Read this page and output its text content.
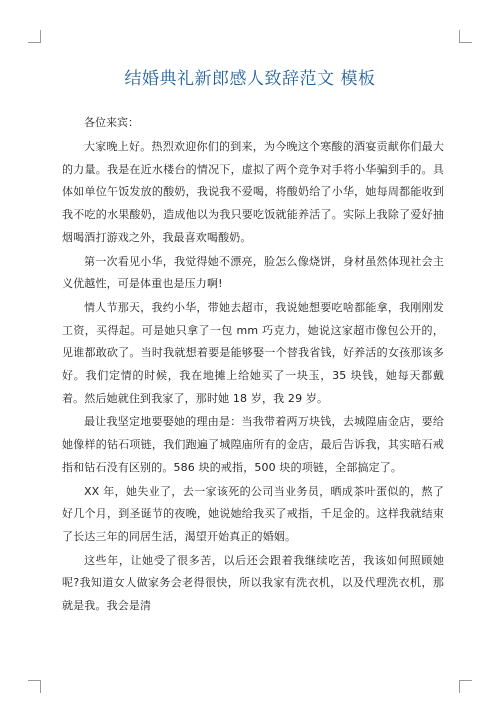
结婚典礼新郎感人致辞范文 模板

各位来宾：

大家晚上好。热烈欢迎你们的到来，为今晚这个寒酸的酒宴贡献你们最大的力量。我是在近水楼台的情况下，虚拟了两个竞争对手将小华骗到手的。具体如单位午饭发放的酸奶，我说我不爱喝，将酸奶给了小华，她每周都能收到我不吃的水果酸奶，造成他以为我只要吃饭就能养活了。实际上我除了爱好抽烟喝酒打游戏之外，我最喜欢喝酸奶。

第一次看见小华，我觉得她不漂亮，脸怎么像烧饼，身材虽然体现社会主义优越性，可是体重也是压力啊!

情人节那天，我约小华，带她去超市，我说她想要吃啥都能拿，我刚刚发工资，买得起。可是她只拿了一包 mm 巧克力，她说这家超市像包公开的，见谁都敢砍了。当时我就想着要是能够娶一个替我省钱，好养活的女孩那该多好。我们定情的时候，我在地摊上给她买了一块玉，35 块钱，她每天都戴着。然后她就住到我家了，那时她 18 岁，我 29 岁。

最让我坚定地要娶她的理由是：当我带着两万块钱，去城隍庙金店，要给她像样的钻石项链，我们跑遍了城隍庙所有的金店，最后告诉我，其实暗石戒指和钻石没有区别的。586 块的戒指，500 块的项链，全部搞定了。

XX 年，她失业了，去一家该死的公司当业务员，晒成茶叶蛋似的，熬了好几个月，到圣诞节的夜晚，她说她给我买了戒指，千足金的。这样我就结束了长达三年的同居生活，渴望开始真正的婚姻。

这些年，让她受了很多苦，以后还会跟着我继续吃苦，我该如何照顾她呢?我知道女人做家务会老得很快，所以我家有洗衣机，以及代理洗衣机，那就是我。我会是清
